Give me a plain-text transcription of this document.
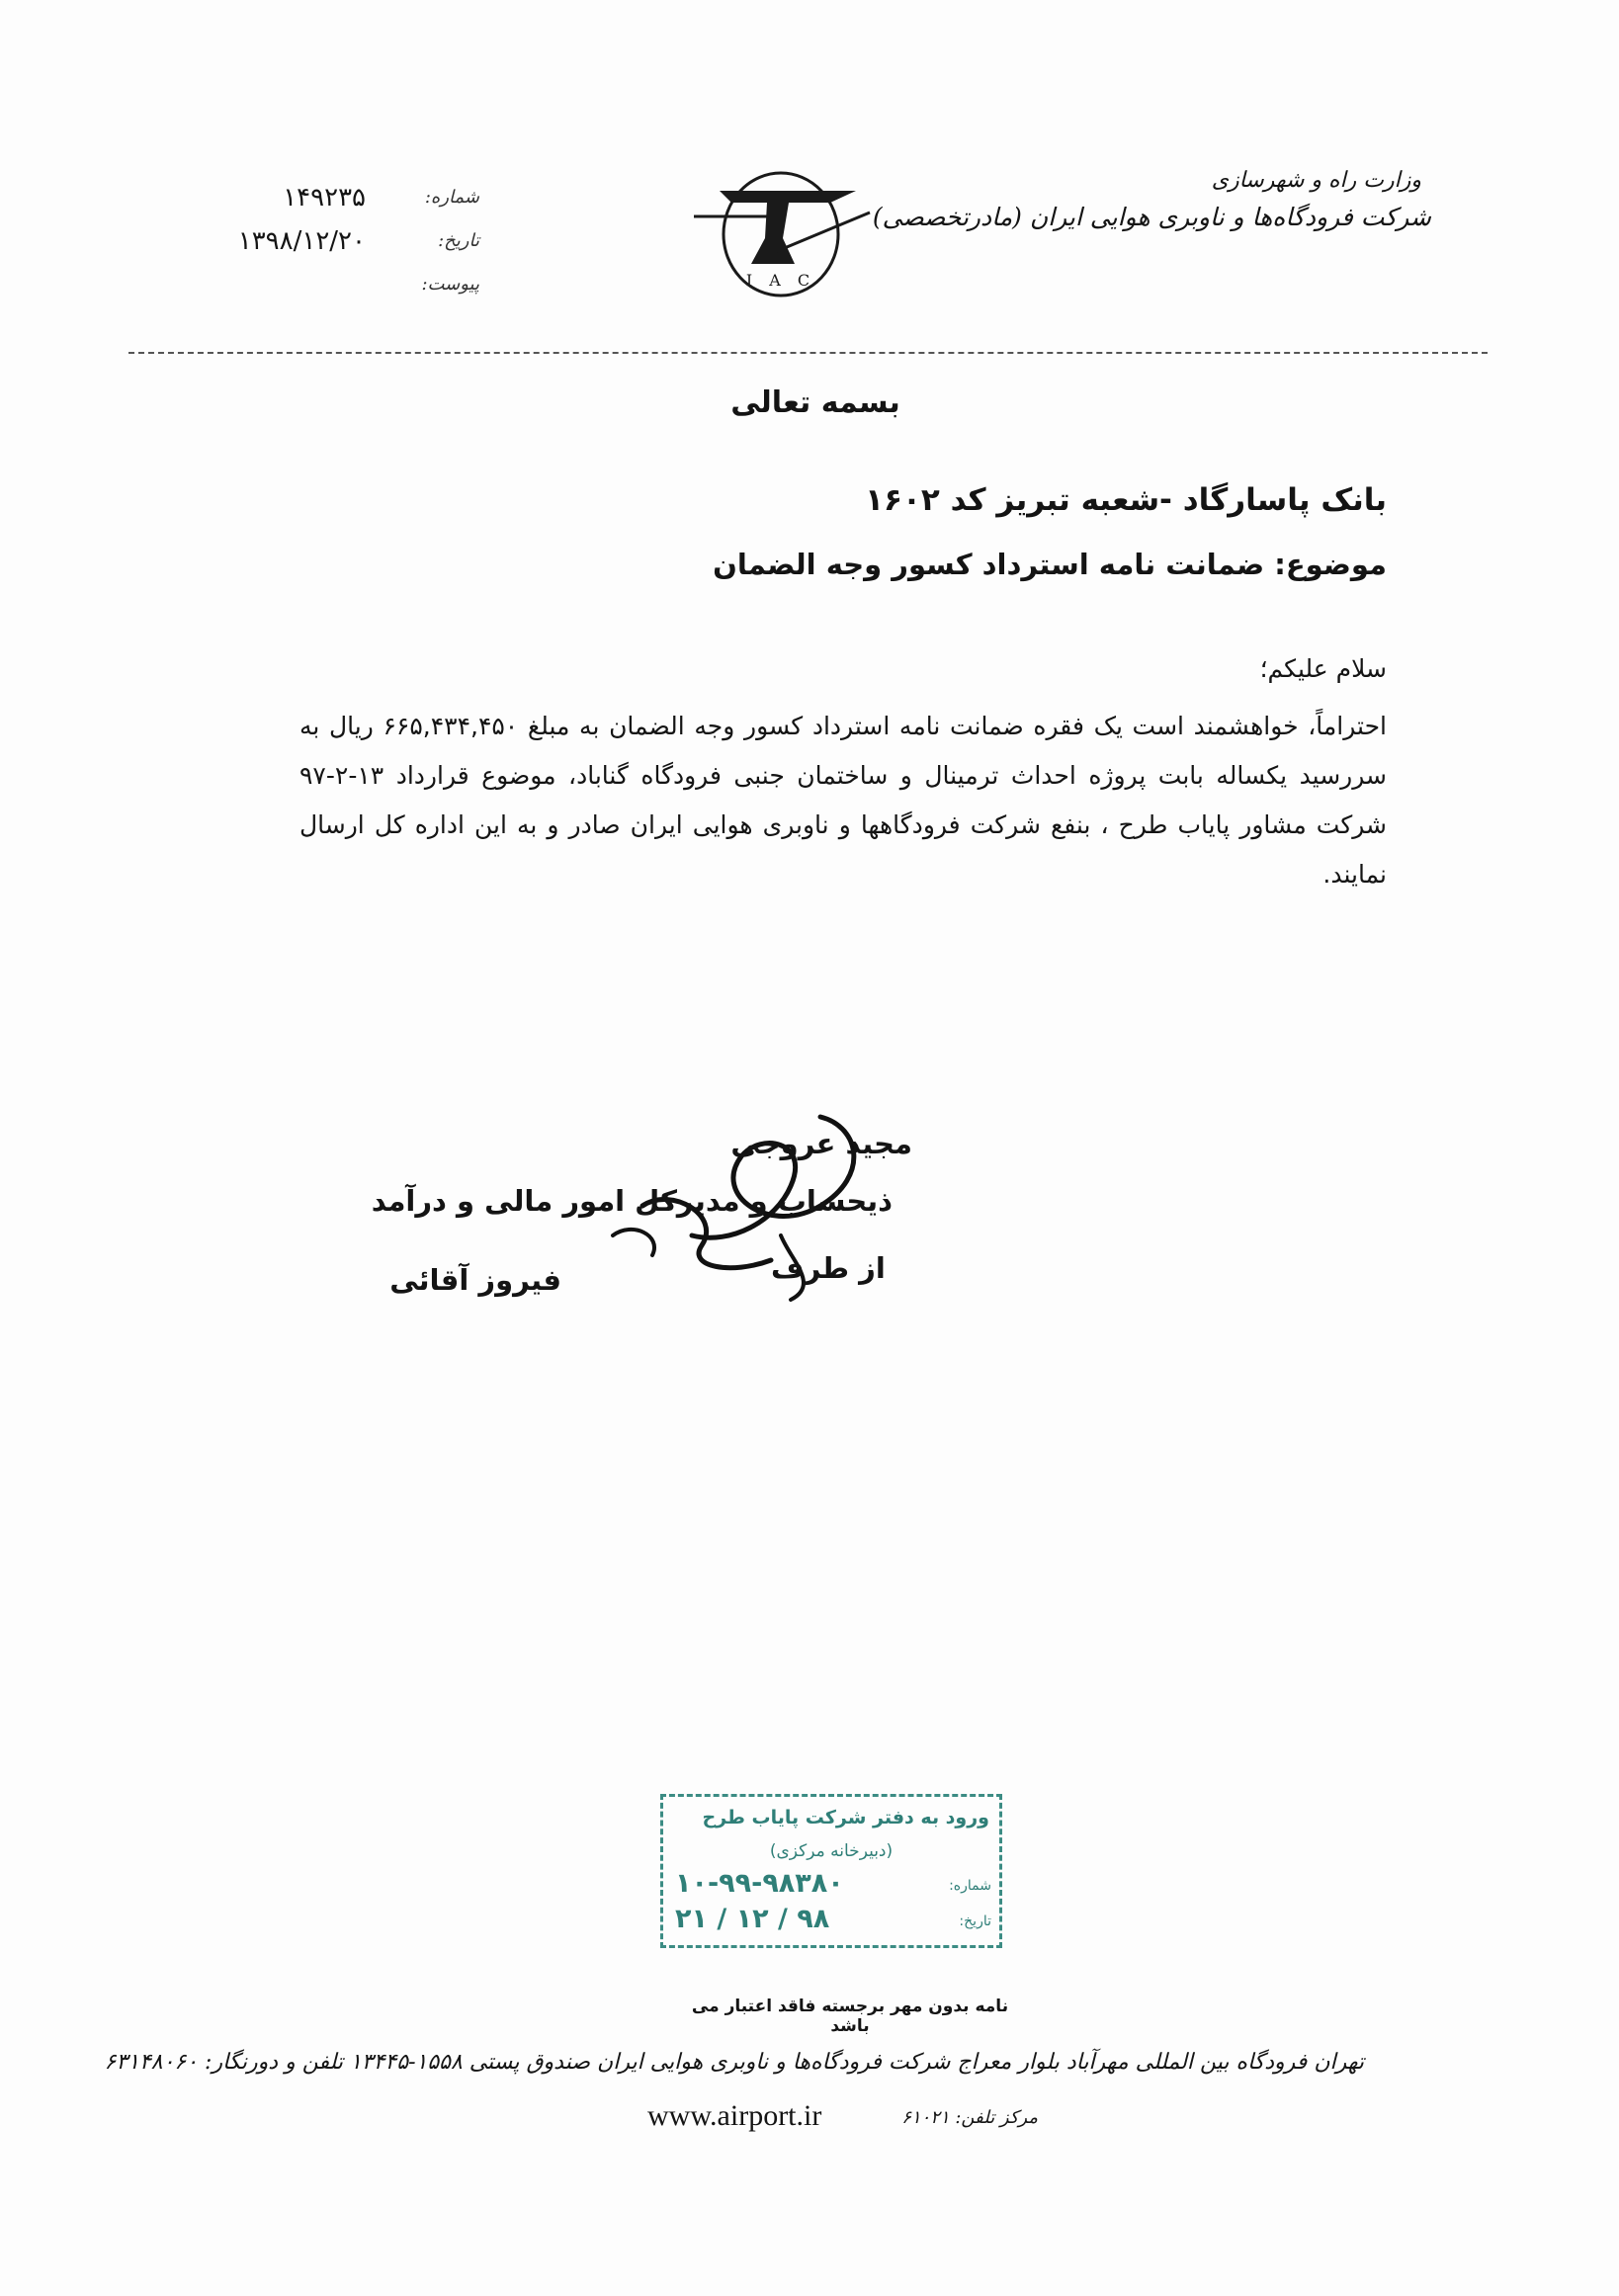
وزارت راه و شهرسازی
شرکت فرودگاه‌ها و ناوبری هوایی ایران (مادرتخصصی)
I A C
شماره:
۱۴۹۲۳۵
تاریخ:
۱۳۹۸/۱۲/۲۰
پیوست:
بسمه تعالی
بانک پاسارگاد -شعبه تبریز کد ۱۶۰۲
موضوع: ضمانت نامه استرداد کسور وجه الضمان
سلام علیکم؛
احتراماً، خواهشمند است یک فقره ضمانت نامه استرداد کسور وجه الضمان به مبلغ ۶۶۵,۴۳۴,۴۵۰ ریال به سررسید یکساله بابت پروژه احداث ترمینال و ساختمان جنبی فرودگاه گناباد، موضوع قرارداد ۱۳-۲-۹۷ شرکت مشاور پایاب طرح ، بنفع شرکت فرودگاهها و ناوبری هوایی ایران صادر و به این اداره کل ارسال نمایند.
مجید عروجی
ذیحساب و مدیرکل امور مالی و درآمد
از طرف
فیروز آقائی
ورود به دفتر شرکت پایاب طرح
(دبیرخانه مرکزی)
شماره:
۱۰-۹۹-۹۸۳۸۰
تاریخ:
۹۸ / ۱۲ / ۲۱
نامه بدون مهر برجسته فاقد اعتبار می باشد
تهران فرودگاه بین المللی مهرآباد بلوار معراج شرکت فرودگاه‌ها و ناوبری هوایی ایران صندوق پستی ۱۵۵۸-۱۳۴۴۵ تلفن و دورنگار: ۶۳۱۴۸۰۶۰
www.airport.ir	مرکز تلفن: ۶۱۰۲۱
